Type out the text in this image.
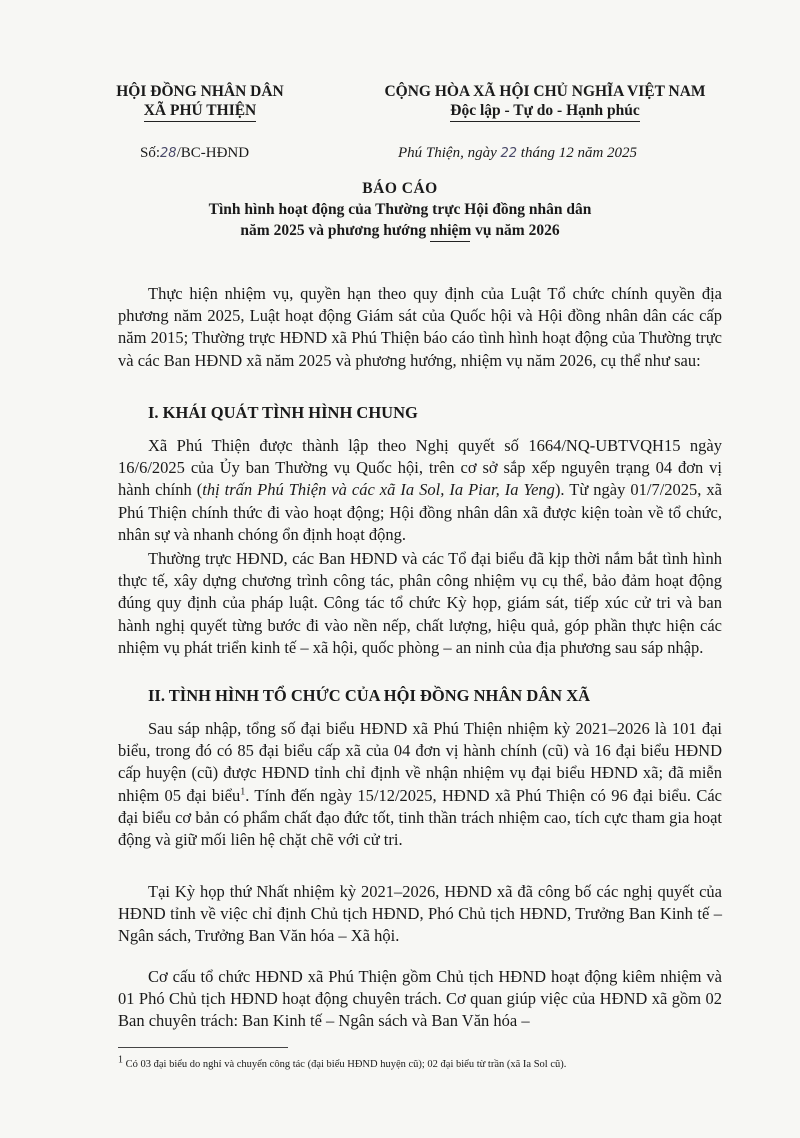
HỘI ĐỒNG NHÂN DÂN
XÃ PHÚ THIỆN
CỘNG HÒA XÃ HỘI CHỦ NGHĨA VIỆT NAM
Độc lập - Tự do - Hạnh phúc
Số:28/BC-HĐND	Phú Thiện, ngày 22 tháng 12 năm 2025
BÁO CÁO
Tình hình hoạt động của Thường trực Hội đồng nhân dân
năm 2025 và phương hướng nhiệm vụ năm 2026

Thực hiện nhiệm vụ, quyền hạn theo quy định của Luật Tổ chức chính quyền địa phương năm 2025, Luật hoạt động Giám sát của Quốc hội và Hội đồng nhân dân các cấp năm 2015; Thường trực HĐND xã Phú Thiện báo cáo tình hình hoạt động của Thường trực và các Ban HĐND xã năm 2025 và phương hướng, nhiệm vụ năm 2026, cụ thể như sau:

I. KHÁI QUÁT TÌNH HÌNH CHUNG

Xã Phú Thiện được thành lập theo Nghị quyết số 1664/NQ-UBTVQH15 ngày 16/6/2025 của Ủy ban Thường vụ Quốc hội, trên cơ sở sắp xếp nguyên trạng 04 đơn vị hành chính (thị trấn Phú Thiện và các xã Ia Sol, Ia Piar, Ia Yeng). Từ ngày 01/7/2025, xã Phú Thiện chính thức đi vào hoạt động; Hội đồng nhân dân xã được kiện toàn về tổ chức, nhân sự và nhanh chóng ổn định hoạt động.

Thường trực HĐND, các Ban HĐND và các Tổ đại biểu đã kịp thời nắm bắt tình hình thực tế, xây dựng chương trình công tác, phân công nhiệm vụ cụ thể, bảo đảm hoạt động đúng quy định của pháp luật. Công tác tổ chức Kỳ họp, giám sát, tiếp xúc cử tri và ban hành nghị quyết từng bước đi vào nền nếp, chất lượng, hiệu quả, góp phần thực hiện các nhiệm vụ phát triển kinh tế – xã hội, quốc phòng – an ninh của địa phương sau sáp nhập.

II. TÌNH HÌNH TỔ CHỨC CỦA HỘI ĐỒNG NHÂN DÂN XÃ

Sau sáp nhập, tổng số đại biểu HĐND xã Phú Thiện nhiệm kỳ 2021–2026 là 101 đại biểu, trong đó có 85 đại biểu cấp xã của 04 đơn vị hành chính (cũ) và 16 đại biểu HĐND cấp huyện (cũ) được HĐND tỉnh chỉ định về nhận nhiệm vụ đại biểu HĐND xã; đã miễn nhiệm 05 đại biểu$^1$. Tính đến ngày 15/12/2025, HĐND xã Phú Thiện có 96 đại biểu. Các đại biểu cơ bản có phẩm chất đạo đức tốt, tinh thần trách nhiệm cao, tích cực tham gia hoạt động và giữ mối liên hệ chặt chẽ với cử tri.

Tại Kỳ họp thứ Nhất nhiệm kỳ 2021–2026, HĐND xã đã công bố các nghị quyết của HĐND tỉnh về việc chỉ định Chủ tịch HĐND, Phó Chủ tịch HĐND, Trưởng Ban Kinh tế – Ngân sách, Trưởng Ban Văn hóa – Xã hội.

Cơ cấu tổ chức HĐND xã Phú Thiện gồm Chủ tịch HĐND hoạt động kiêm nhiệm và 01 Phó Chủ tịch HĐND hoạt động chuyên trách. Cơ quan giúp việc của HĐND xã gồm 02 Ban chuyên trách: Ban Kinh tế – Ngân sách và Ban Văn hóa –

1 Có 03 đại biểu do nghỉ và chuyển công tác (đại biểu HĐND huyện cũ); 02 đại biểu từ trần (xã Ia Sol cũ).
